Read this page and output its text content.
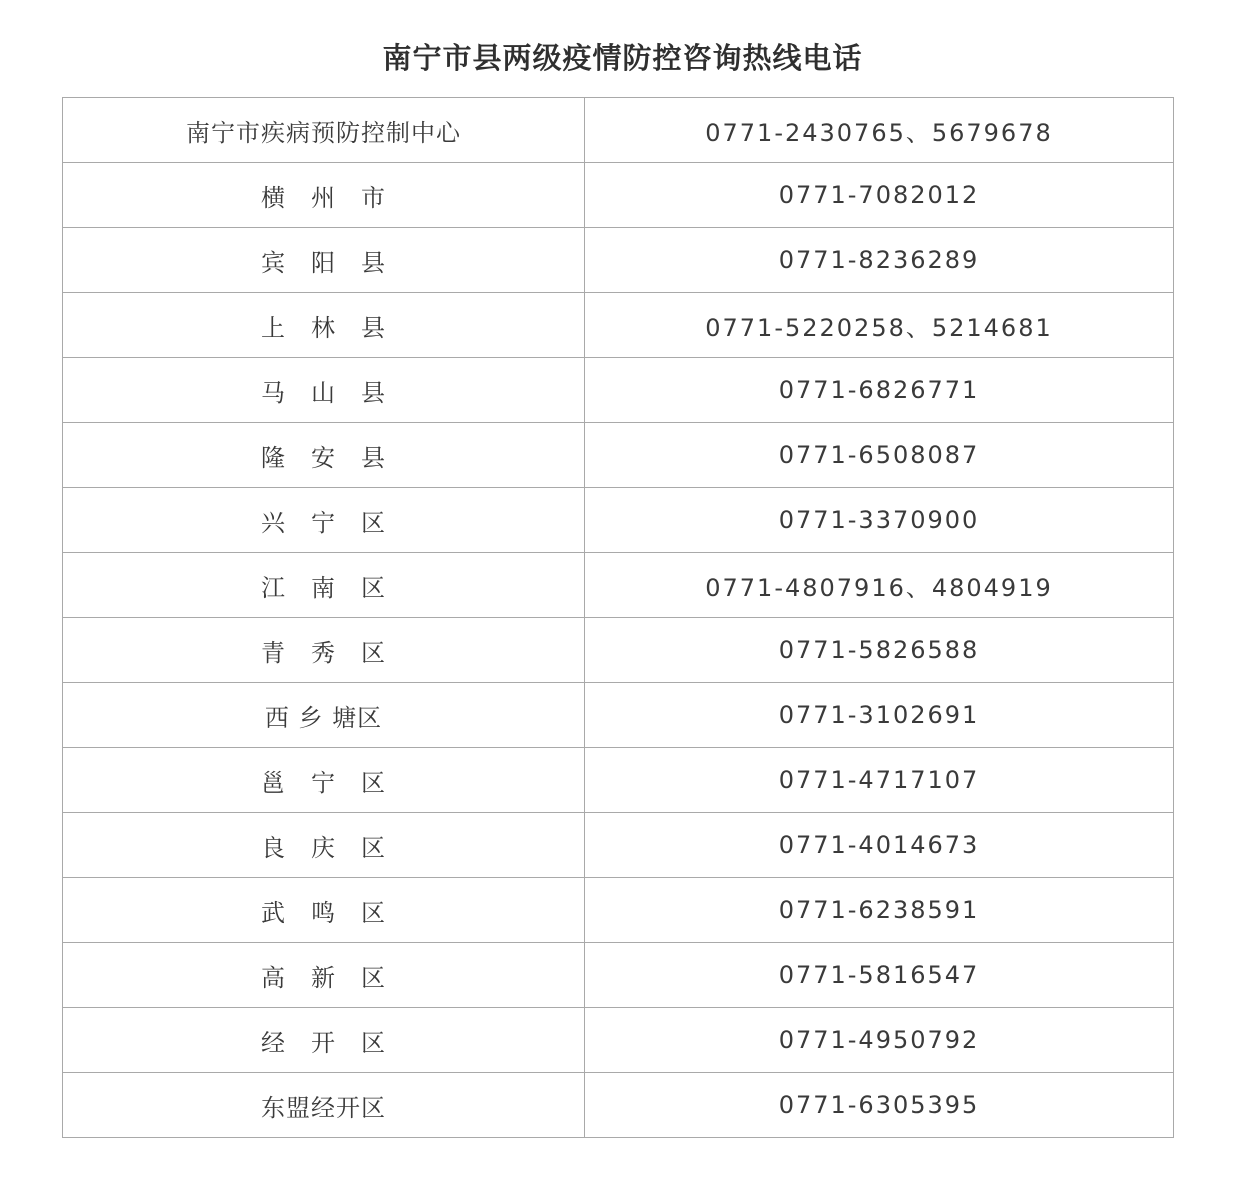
南宁市县两级疫情防控咨询热线电话
南宁市疾病预防控制中心	0771-2430765、5679678
横　州　市	0771-7082012
宾　阳　县	0771-8236289
上　林　县	0771-5220258、5214681
马　山　县	0771-6826771
隆　安　县	0771-6508087
兴　宁　区	0771-3370900
江　南　区	0771-4807916、4804919
青　秀　区	0771-5826588
西 乡 塘区	0771-3102691
邕　宁　区	0771-4717107
良　庆　区	0771-4014673
武　鸣　区	0771-6238591
高　新　区	0771-5816547
经　开　区	0771-4950792
东盟经开区	0771-6305395
